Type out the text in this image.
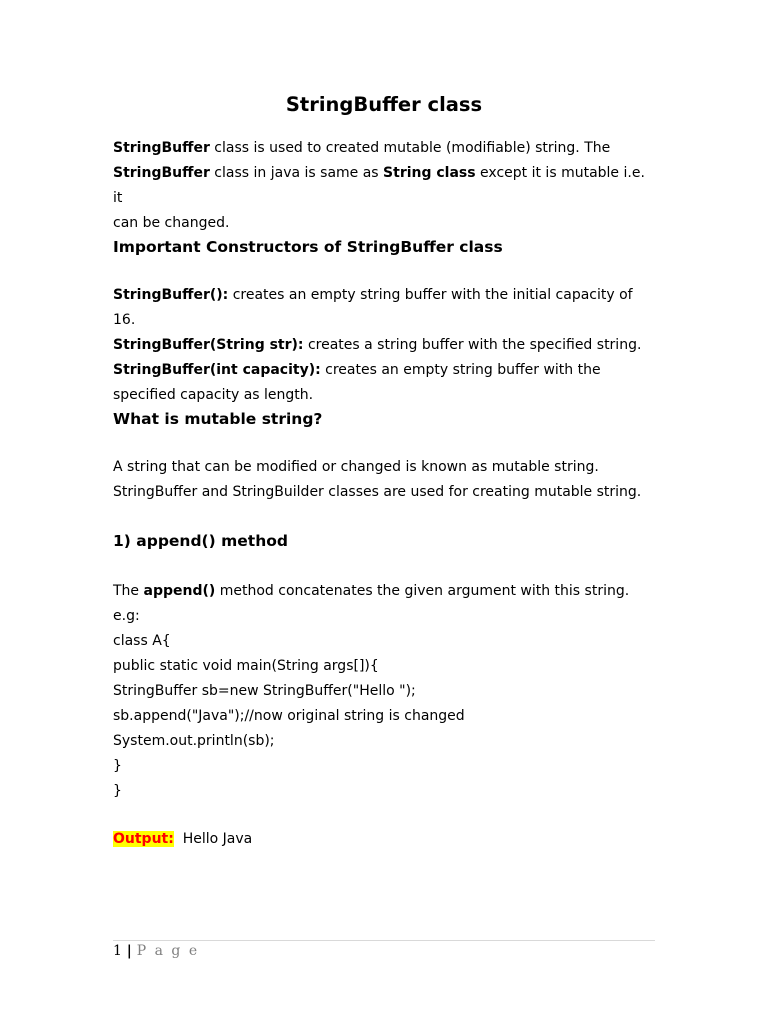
StringBuffer class
StringBuffer class is used to created mutable (modifiable) string. The
StringBuffer class in java is same as String class except it is mutable i.e. it
can be changed.
Important Constructors of StringBuffer class
StringBuffer(): creates an empty string buffer with the initial capacity of 16.
StringBuffer(String str): creates a string buffer with the specified string.
StringBuffer(int capacity): creates an empty string buffer with the
specified capacity as length.
What is mutable string?
A string that can be modified or changed is known as mutable string.
StringBuffer and StringBuilder classes are used for creating mutable string.
1) append() method
The append() method concatenates the given argument with this string.
e.g:
class A{
public static void main(String args[]){
StringBuffer sb=new StringBuffer("Hello ");
sb.append("Java");//now original string is changed
System.out.println(sb);
}
}
Output:  Hello Java
1 | P a g e
